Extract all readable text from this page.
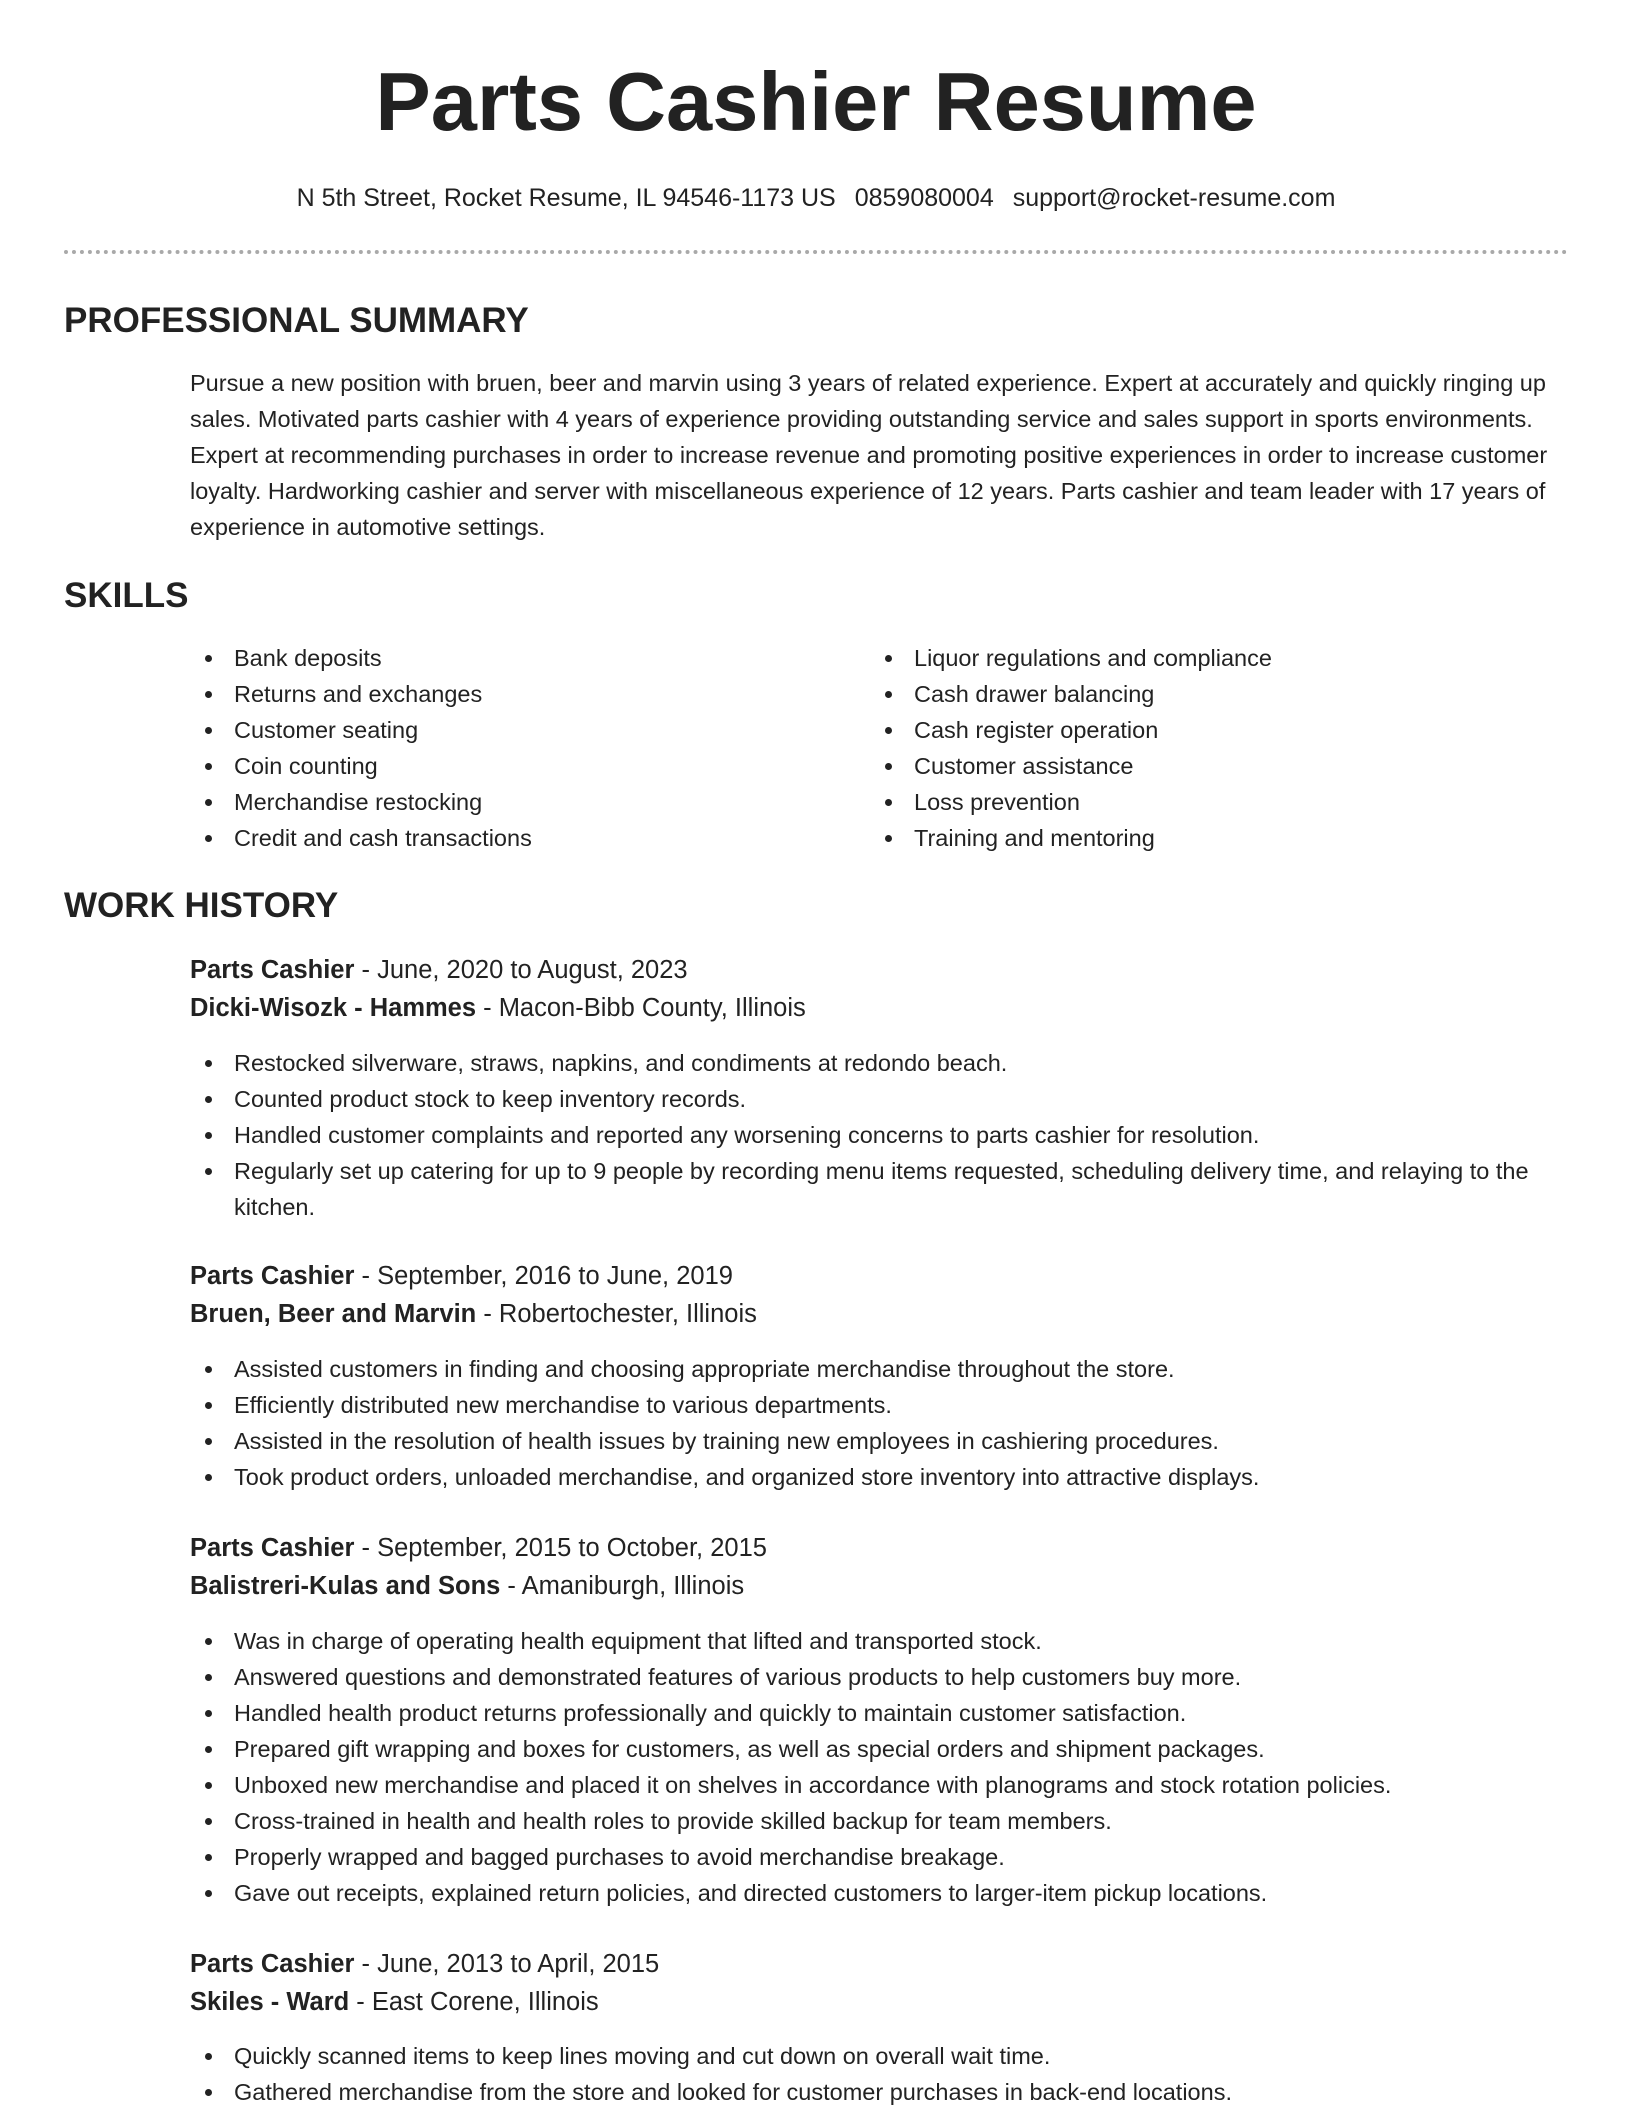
Parts Cashier Resume
N 5th Street, Rocket Resume, IL 94546-1173 US 0859080004 support@rocket-resume.com
PROFESSIONAL SUMMARY

Pursue a new position with bruen, beer and marvin using 3 years of related experience. Expert at accurately and quickly ringing up sales. Motivated parts cashier with 4 years of experience providing outstanding service and sales support in sports environments. Expert at recommending purchases in order to increase revenue and promoting positive experiences in order to increase customer loyalty. Hardworking cashier and server with miscellaneous experience of 12 years. Parts cashier and team leader with 17 years of experience in automotive settings.

SKILLS
Bank deposits
Returns and exchanges
Customer seating
Coin counting
Merchandise restocking
Credit and cash transactions
Liquor regulations and compliance
Cash drawer balancing
Cash register operation
Customer assistance
Loss prevention
Training and mentoring
WORK HISTORY
Parts Cashier - June, 2020 to August, 2023
Dicki-Wisozk - Hammes - Macon-Bibb County, Illinois
Restocked silverware, straws, napkins, and condiments at redondo beach.
Counted product stock to keep inventory records.
Handled customer complaints and reported any worsening concerns to parts cashier for resolution.
Regularly set up catering for up to 9 people by recording menu items requested, scheduling delivery time, and relaying to the kitchen.
Parts Cashier - September, 2016 to June, 2019
Bruen, Beer and Marvin - Robertochester, Illinois
Assisted customers in finding and choosing appropriate merchandise throughout the store.
Efficiently distributed new merchandise to various departments.
Assisted in the resolution of health issues by training new employees in cashiering procedures.
Took product orders, unloaded merchandise, and organized store inventory into attractive displays.
Parts Cashier - September, 2015 to October, 2015
Balistreri-Kulas and Sons - Amaniburgh, Illinois
Was in charge of operating health equipment that lifted and transported stock.
Answered questions and demonstrated features of various products to help customers buy more.
Handled health product returns professionally and quickly to maintain customer satisfaction.
Prepared gift wrapping and boxes for customers, as well as special orders and shipment packages.
Unboxed new merchandise and placed it on shelves in accordance with planograms and stock rotation policies.
Cross-trained in health and health roles to provide skilled backup for team members.
Properly wrapped and bagged purchases to avoid merchandise breakage.
Gave out receipts, explained return policies, and directed customers to larger-item pickup locations.
Parts Cashier - June, 2013 to April, 2015
Skiles - Ward - East Corene, Illinois
Quickly scanned items to keep lines moving and cut down on overall wait time.
Gathered merchandise from the store and looked for customer purchases in back-end locations.
